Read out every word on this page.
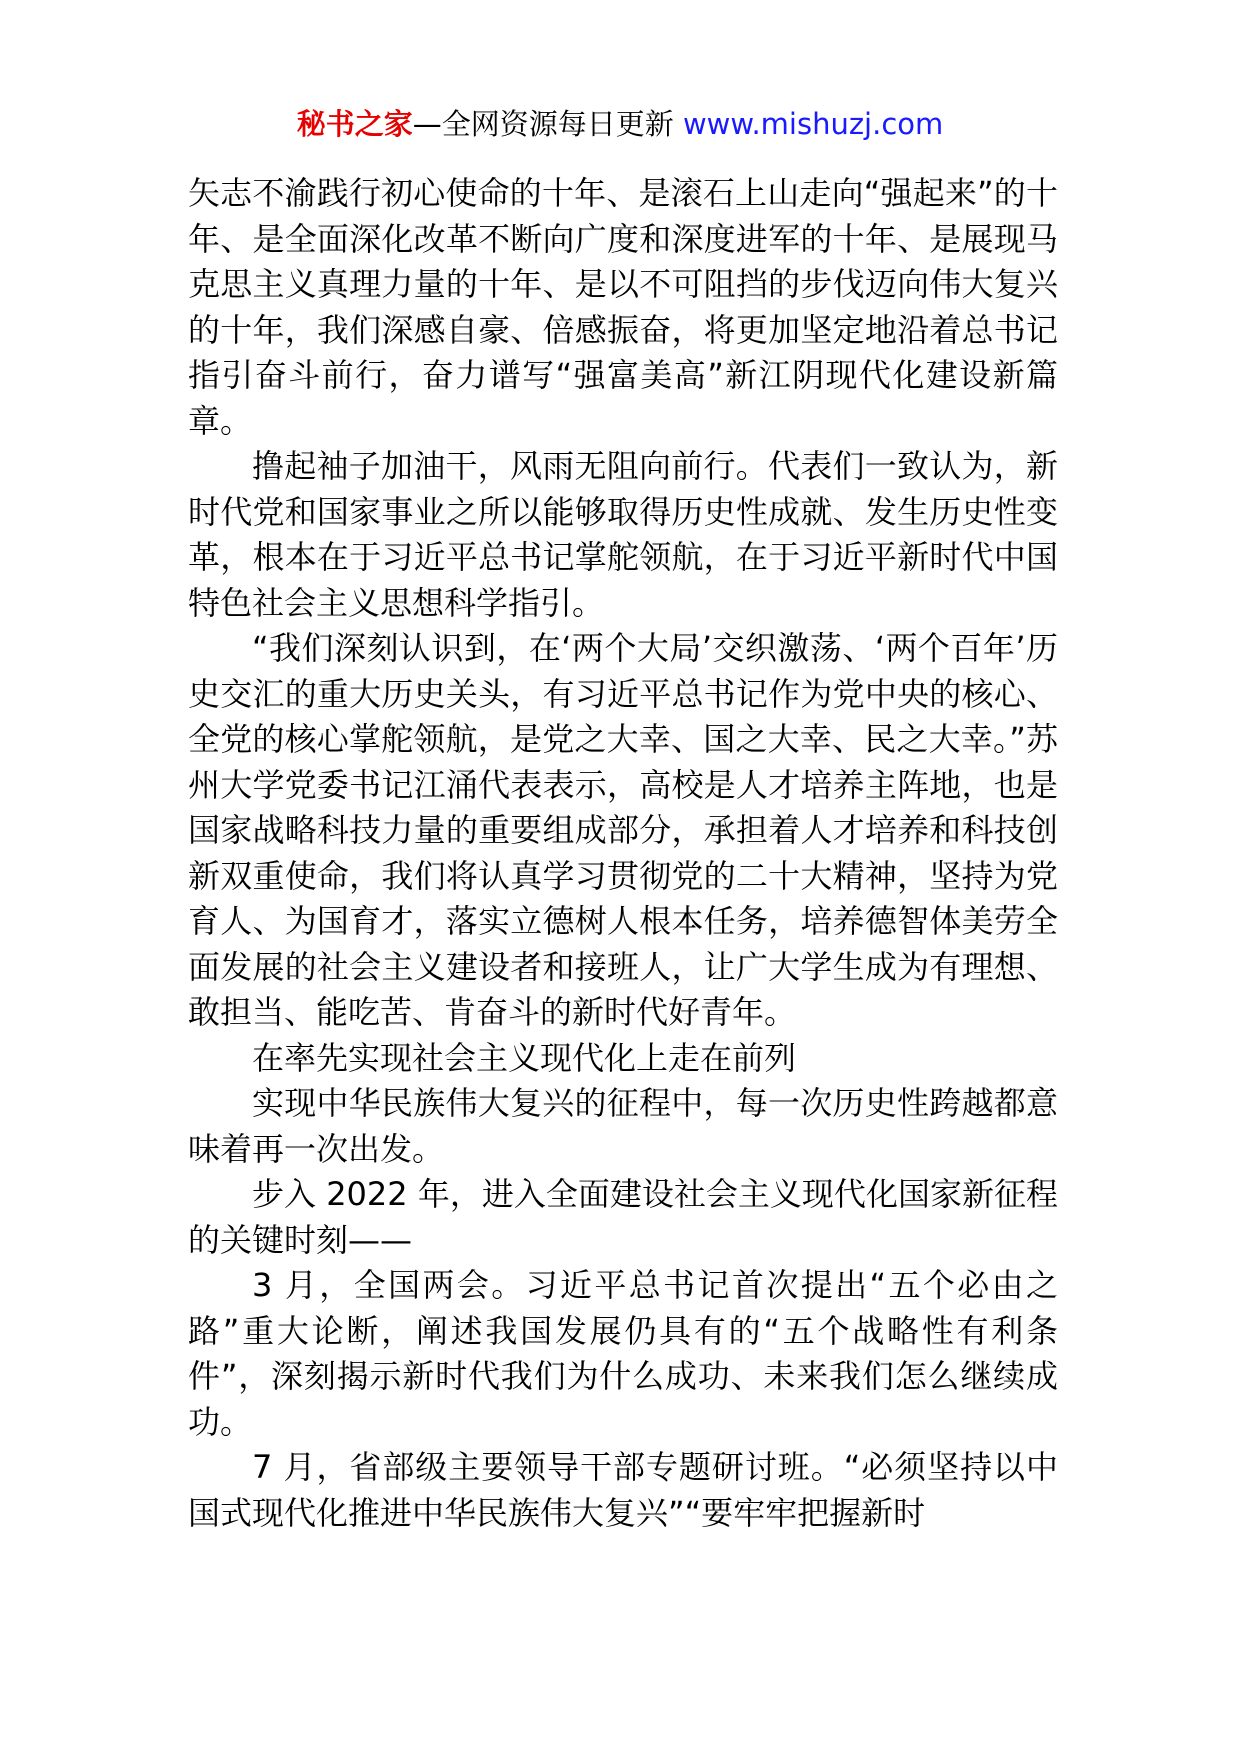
秘书之家—全网资源每日更新 www.mishuzj.com

矢志不渝践行初心使命的十年、是滚石上山走向“强起来”的十年、是全面深化改革不断向广度和深度进军的十年、是展现马克思主义真理力量的十年、是以不可阻挡的步伐迈向伟大复兴的十年，我们深感自豪、倍感振奋，将更加坚定地沿着总书记指引奋斗前行，奋力谱写“强富美高”新江阴现代化建设新篇章。

撸起袖子加油干，风雨无阻向前行。代表们一致认为，新时代党和国家事业之所以能够取得历史性成就、发生历史性变革，根本在于习近平总书记掌舵领航，在于习近平新时代中国特色社会主义思想科学指引。

“我们深刻认识到，在‘两个大局’交织激荡、‘两个百年’历史交汇的重大历史关头，有习近平总书记作为党中央的核心、全党的核心掌舵领航，是党之大幸、国之大幸、民之大幸。”苏州大学党委书记江涌代表表示，高校是人才培养主阵地，也是国家战略科技力量的重要组成部分，承担着人才培养和科技创新双重使命，我们将认真学习贯彻党的二十大精神，坚持为党育人、为国育才，落实立德树人根本任务，培养德智体美劳全面发展的社会主义建设者和接班人，让广大学生成为有理想、敢担当、能吃苦、肯奋斗的新时代好青年。

在率先实现社会主义现代化上走在前列

实现中华民族伟大复兴的征程中，每一次历史性跨越都意味着再一次出发。

步入 2022 年，进入全面建设社会主义现代化国家新征程的关键时刻——

3 月，全国两会。习近平总书记首次提出“五个必由之路”重大论断，阐述我国发展仍具有的“五个战略性有利条件”，深刻揭示新时代我们为什么成功、未来我们怎么继续成功。

7 月，省部级主要领导干部专题研讨班。“必须坚持以中国式现代化推进中华民族伟大复兴”“要牢牢把握新时
